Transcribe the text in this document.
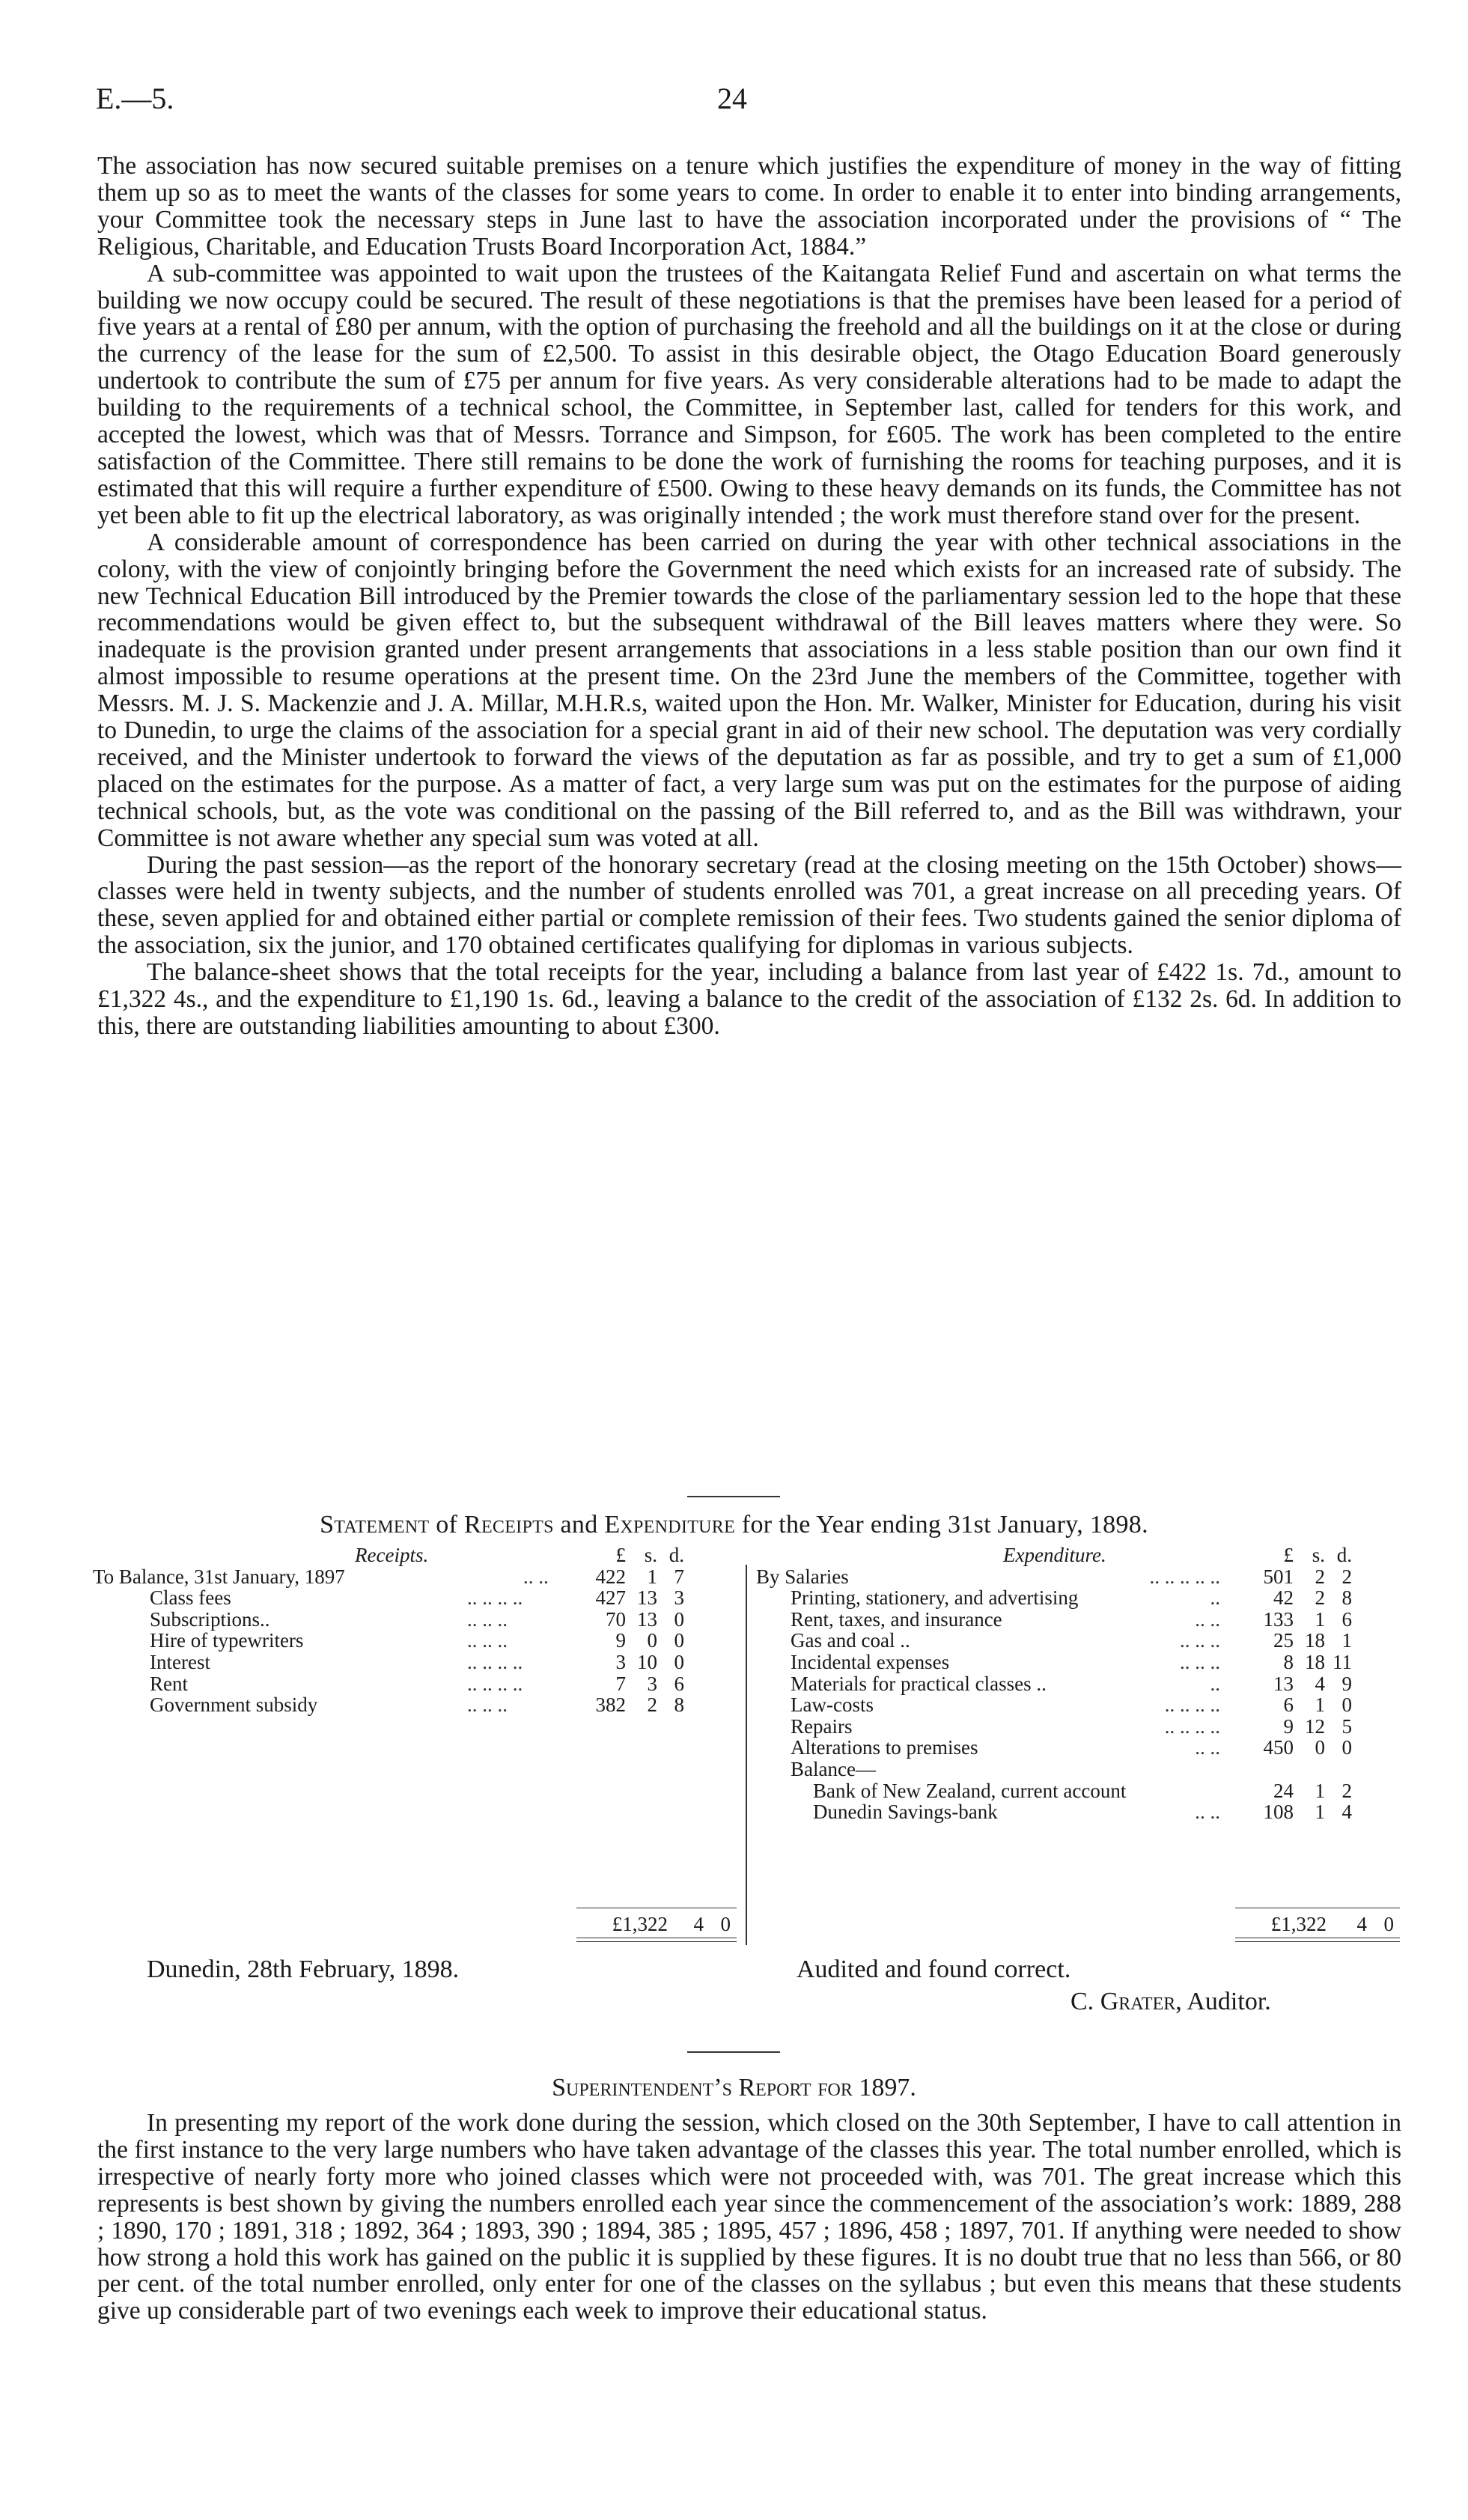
E.—5.	24

The association has now secured suitable premises on a tenure which justifies the expenditure of money in the way of fitting them up so as to meet the wants of the classes for some years to come. In order to enable it to enter into binding arrangements, your Committee took the necessary steps in June last to have the association incorporated under the provisions of “ The Religious, Charitable, and Education Trusts Board Incorporation Act, 1884.”

A sub-committee was appointed to wait upon the trustees of the Kaitangata Relief Fund and ascertain on what terms the building we now occupy could be secured. The result of these negotiations is that the premises have been leased for a period of five years at a rental of £80 per annum, with the option of purchasing the freehold and all the buildings on it at the close or during the currency of the lease for the sum of £2,500. To assist in this desirable object, the Otago Education Board generously undertook to contribute the sum of £75 per annum for five years. As very considerable alterations had to be made to adapt the building to the requirements of a technical school, the Committee, in September last, called for tenders for this work, and accepted the lowest, which was that of Messrs. Torrance and Simpson, for £605. The work has been completed to the entire satisfaction of the Committee. There still remains to be done the work of furnishing the rooms for teaching purposes, and it is estimated that this will require a further expenditure of £500. Owing to these heavy demands on its funds, the Committee has not yet been able to fit up the electrical laboratory, as was originally intended ; the work must therefore stand over for the present.

A considerable amount of correspondence has been carried on during the year with other technical associations in the colony, with the view of conjointly bringing before the Government the need which exists for an increased rate of subsidy. The new Technical Education Bill introduced by the Premier towards the close of the parliamentary session led to the hope that these recommendations would be given effect to, but the subsequent withdrawal of the Bill leaves matters where they were. So inadequate is the provision granted under present arrangements that associations in a less stable position than our own find it almost impossible to resume operations at the present time. On the 23rd June the members of the Committee, together with Messrs. M. J. S. Mackenzie and J. A. Millar, M.H.R.s, waited upon the Hon. Mr. Walker, Minister for Education, during his visit to Dunedin, to urge the claims of the association for a special grant in aid of their new school. The deputation was very cordially received, and the Minister undertook to forward the views of the deputation as far as possible, and try to get a sum of £1,000 placed on the estimates for the purpose. As a matter of fact, a very large sum was put on the estimates for the purpose of aiding technical schools, but, as the vote was conditional on the passing of the Bill referred to, and as the Bill was withdrawn, your Committee is not aware whether any special sum was voted at all.

During the past session—as the report of the honorary secretary (read at the closing meeting on the 15th October) shows—classes were held in twenty subjects, and the number of students enrolled was 701, a great increase on all preceding years. Of these, seven applied for and obtained either partial or complete remission of their fees. Two students gained the senior diploma of the association, six the junior, and 170 obtained certificates qualifying for diplomas in various subjects.

The balance-sheet shows that the total receipts for the year, including a balance from last year of £422 1s. 7d., amount to £1,322 4s., and the expenditure to £1,190 1s. 6d., leaving a balance to the credit of the association of £132 2s. 6d. In addition to this, there are outstanding liabilities amounting to about £300.

Statement of Receipts and Expenditure for the Year ending 31st January, 1898.
Receipts.	£ s. d.
To Balance, 31st January, 1897	.. ..	422	1 7
Class fees	.. .. .. ..	427 13 3
Subscriptions..	.. .. ..	70 13 0
Hire of typewriters	.. .. ..	9	0 0
Interest	.. .. .. ..	3 10 0
Rent	.. .. .. ..	7	3 6
Government subsidy	.. .. ..	382	2 8
Expenditure.	£ s. d.
By Salaries	.. .. .. .. ..	501	2 2
Printing, stationery, and advertising	..	42	2 8
Rent, taxes, and insurance	.. ..	133	1 6
Gas and coal ..	.. .. ..	25 18 1
Incidental expenses	.. .. ..	8 18 11
Materials for practical classes ..	..	13	4 9
Law-costs	.. .. .. ..	6	1 0
Repairs	.. .. .. ..	9 12 5
Alterations to premises	.. ..	450	0 0
Balance—
Bank of New Zealand, current account	24	1 2
Dunedin Savings-bank	.. ..	108	1 4
£1,322	4 0	£1,322	4 0
Dunedin, 28th February, 1898.	Audited and found correct.
C. Grater, Auditor.
Superintendent’s Report for 1897.

In presenting my report of the work done during the session, which closed on the 30th September, I have to call attention in the first instance to the very large numbers who have taken advantage of the classes this year. The total number enrolled, which is irrespective of nearly forty more who joined classes which were not proceeded with, was 701. The great increase which this represents is best shown by giving the numbers enrolled each year since the commencement of the association’s work: 1889, 288 ; 1890, 170 ; 1891, 318 ; 1892, 364 ; 1893, 390 ; 1894, 385 ; 1895, 457 ; 1896, 458 ; 1897, 701. If anything were needed to show how strong a hold this work has gained on the public it is supplied by these figures. It is no doubt true that no less than 566, or 80 per cent. of the total number enrolled, only enter for one of the classes on the syllabus ; but even this means that these students give up considerable part of two evenings each week to improve their educational status.
